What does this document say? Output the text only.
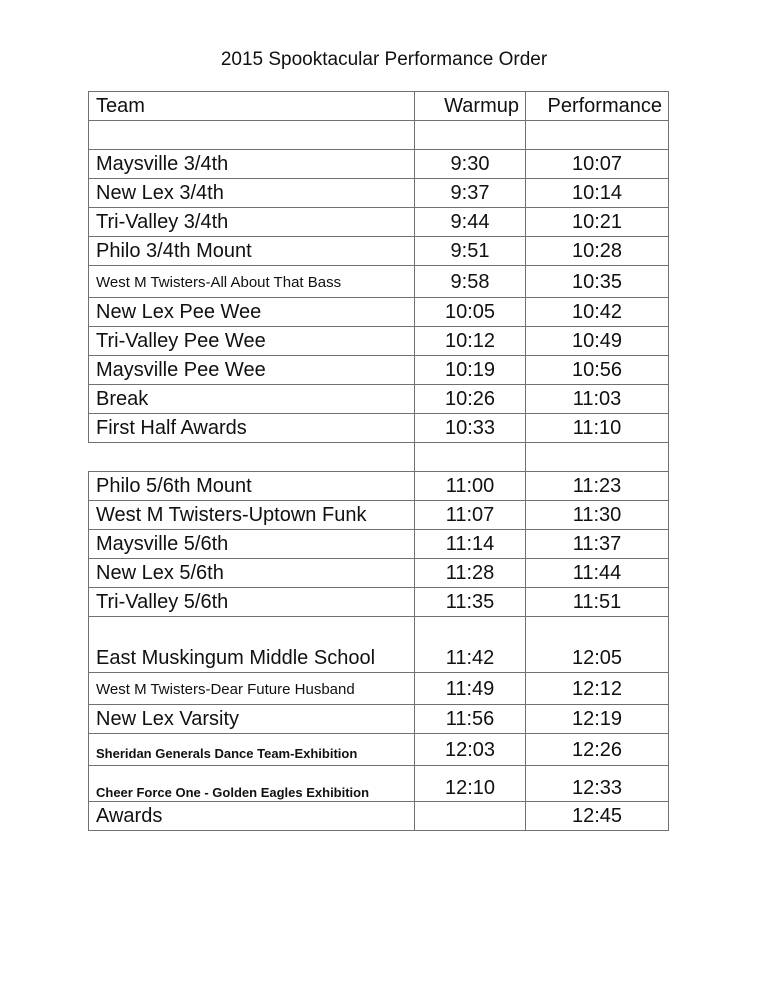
2015 Spooktacular Performance Order
Team	Warmup	Performance

Maysville 3/4th	9:30	10:07
New Lex 3/4th	9:37	10:14
Tri-Valley 3/4th	9:44	10:21
Philo 3/4th Mount	9:51	10:28
West M Twisters-All About That Bass	9:58	10:35
New Lex Pee Wee	10:05	10:42
Tri-Valley Pee Wee	10:12	10:49
Maysville Pee Wee	10:19	10:56
Break	10:26	11:03
First Half Awards	10:33	11:10

Philo 5/6th Mount	11:00	11:23
West M Twisters-Uptown Funk	11:07	11:30
Maysville 5/6th	11:14	11:37
New Lex 5/6th	11:28	11:44
Tri-Valley 5/6th	11:35	11:51
East Muskingum Middle School	11:42	12:05
West M Twisters-Dear Future Husband	11:49	12:12
New Lex Varsity	11:56	12:19
Sheridan Generals Dance Team-Exhibition	12:03	12:26
Cheer Force One - Golden Eagles Exhibition	12:10	12:33
Awards		12:45
